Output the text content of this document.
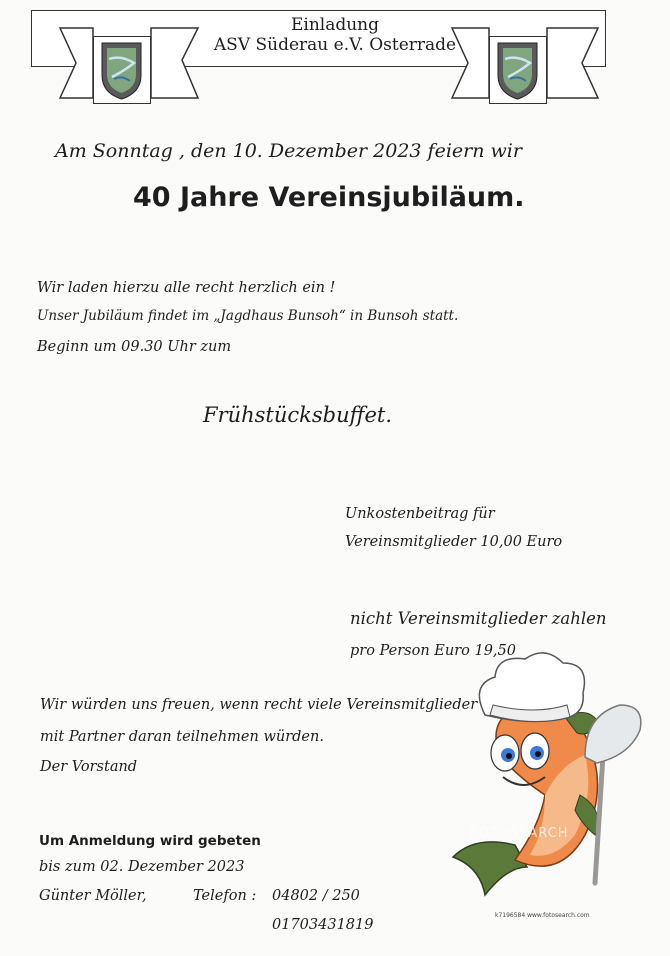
Einladung
ASV Süderau e.V. Osterrade
Am Sonntag , den 10. Dezember 2023 feiern wir
40 Jahre Vereinsjubiläum.
Wir laden hierzu alle recht herzlich ein !
Unser Jubiläum findet im „Jagdhaus Bunsoh“ in Bunsoh statt.
Beginn um 09.30 Uhr zum
Frühstücksbuffet.
Unkostenbeitrag für
Vereinsmitglieder 10,00 Euro
nicht Vereinsmitglieder zahlen
pro Person Euro 19,50
Wir würden uns freuen, wenn recht viele Vereinsmitglieder
mit Partner daran teilnehmen würden.
Der Vorstand
Um Anmeldung wird gebeten
bis zum 02. Dezember 2023
Günter Möller,	Telefon : 04802 / 250
01703431819
FOTOSEARCH
k7196584 www.fotosearch.com
